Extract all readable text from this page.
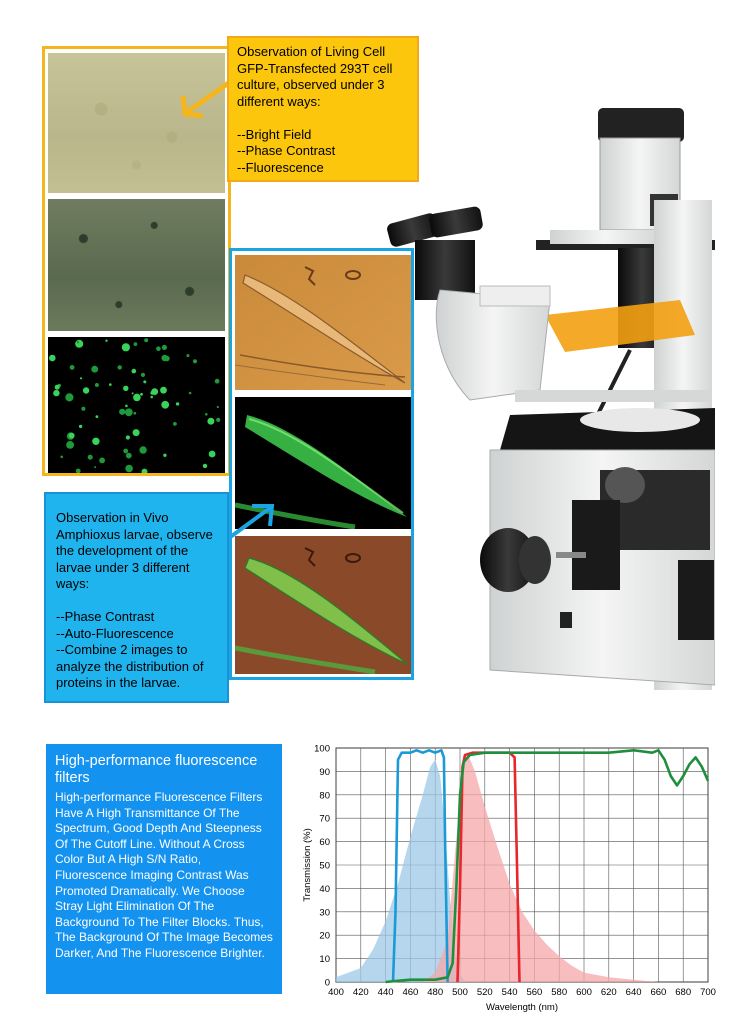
Observation of Living Cell
GFP-Transfected 293T cell culture, observed under 3 different ways:

--Bright Field
--Phase Contrast
--Fluorescence

Observation in Vivo Amphioxus larvae, observe the development of the larvae under 3 different ways:

--Phase Contrast
--Auto-Fluorescence
--Combine 2 images to analyze the distribution of proteins in the larvae.

High-performance fluorescence filters
High-performance Fluorescence Filters Have A High Transmittance Of The Spectrum, Good Depth And Steepness Of The Cutoff Line. Without A Cross Color But A High S/N Ratio, Fluorescence Imaging Contrast Was Promoted Dramatically. We Choose Stray Light Elimination Of The Background To The Filter Blocks. Thus, The Background Of The Image Becomes Darker, And The Fluorescence Brighter.
0
10
20
30
40
50
60
70
80
90
100
400 420 440 460 480 500 520 540 560 580 600 620 640 660 680 700
Wavelength (nm)
Transmission (%)
